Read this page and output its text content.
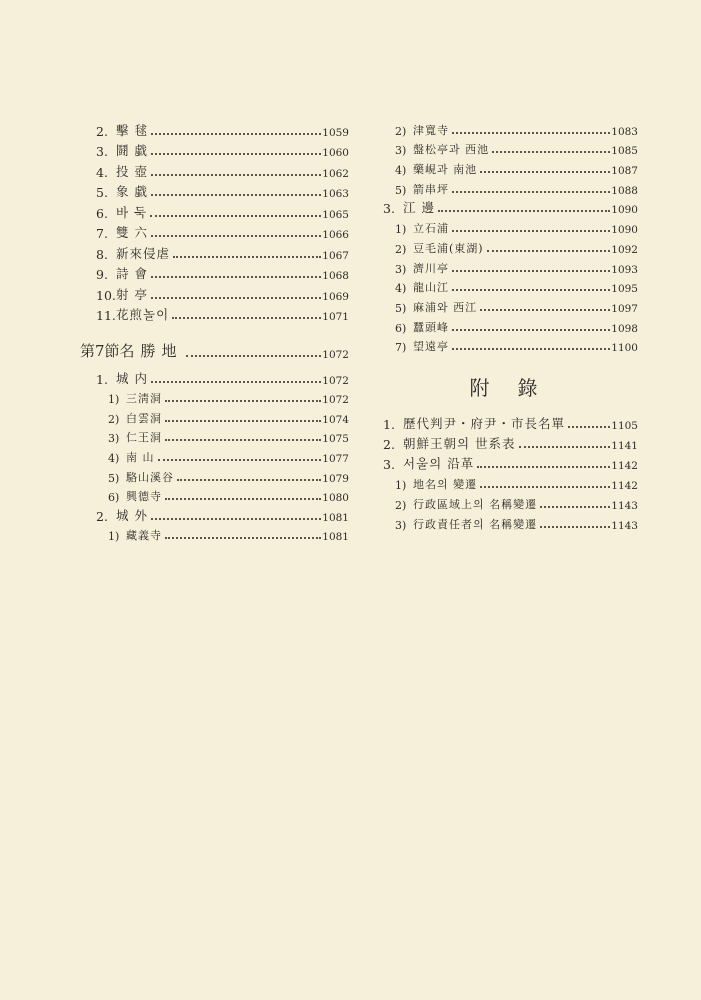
2. 擊 毬	1059
3. 鬪 戱	1060
4. 投 壺	1062
5. 象 戱	1063
6. 바 둑	1065
7. 雙 六	1066
8. 新來侵虐	1067
9. 詩 會	1068
10. 射 亭	1069
11. 花煎놀이	1071
第7節 名勝地	1072
1. 城 内	1072
1) 三淸洞	1072
2) 白雲洞	1074
3) 仁王洞	1075
4) 南 山	1077
5) 駱山溪谷	1079
6) 興德寺	1080
2. 城 外	1081
1) 藏義寺	1081
2) 津寬寺	1083
3) 盤松亭과 西池	1085
4) 藥峴과 南池	1087
5) 箭串坪	1088
3. 江 邊	1090
1) 立石浦	1090
2) 豆毛浦(東湖)	1092
3) 濟川亭	1093
4) 龍山江	1095
5) 麻浦와 西江	1097
6) 蠶頭峰	1098
7) 望遠亭	1100
附錄
1. 歷代判尹・府尹・市長名單	1105
2. 朝鮮王朝의 世系表	1141
3. 서울의 沿革	1142
1) 地名의 變遷	1142
2) 行政區域上의 名稱變遷	1143
3) 行政責任者의 名稱變遷	1143
